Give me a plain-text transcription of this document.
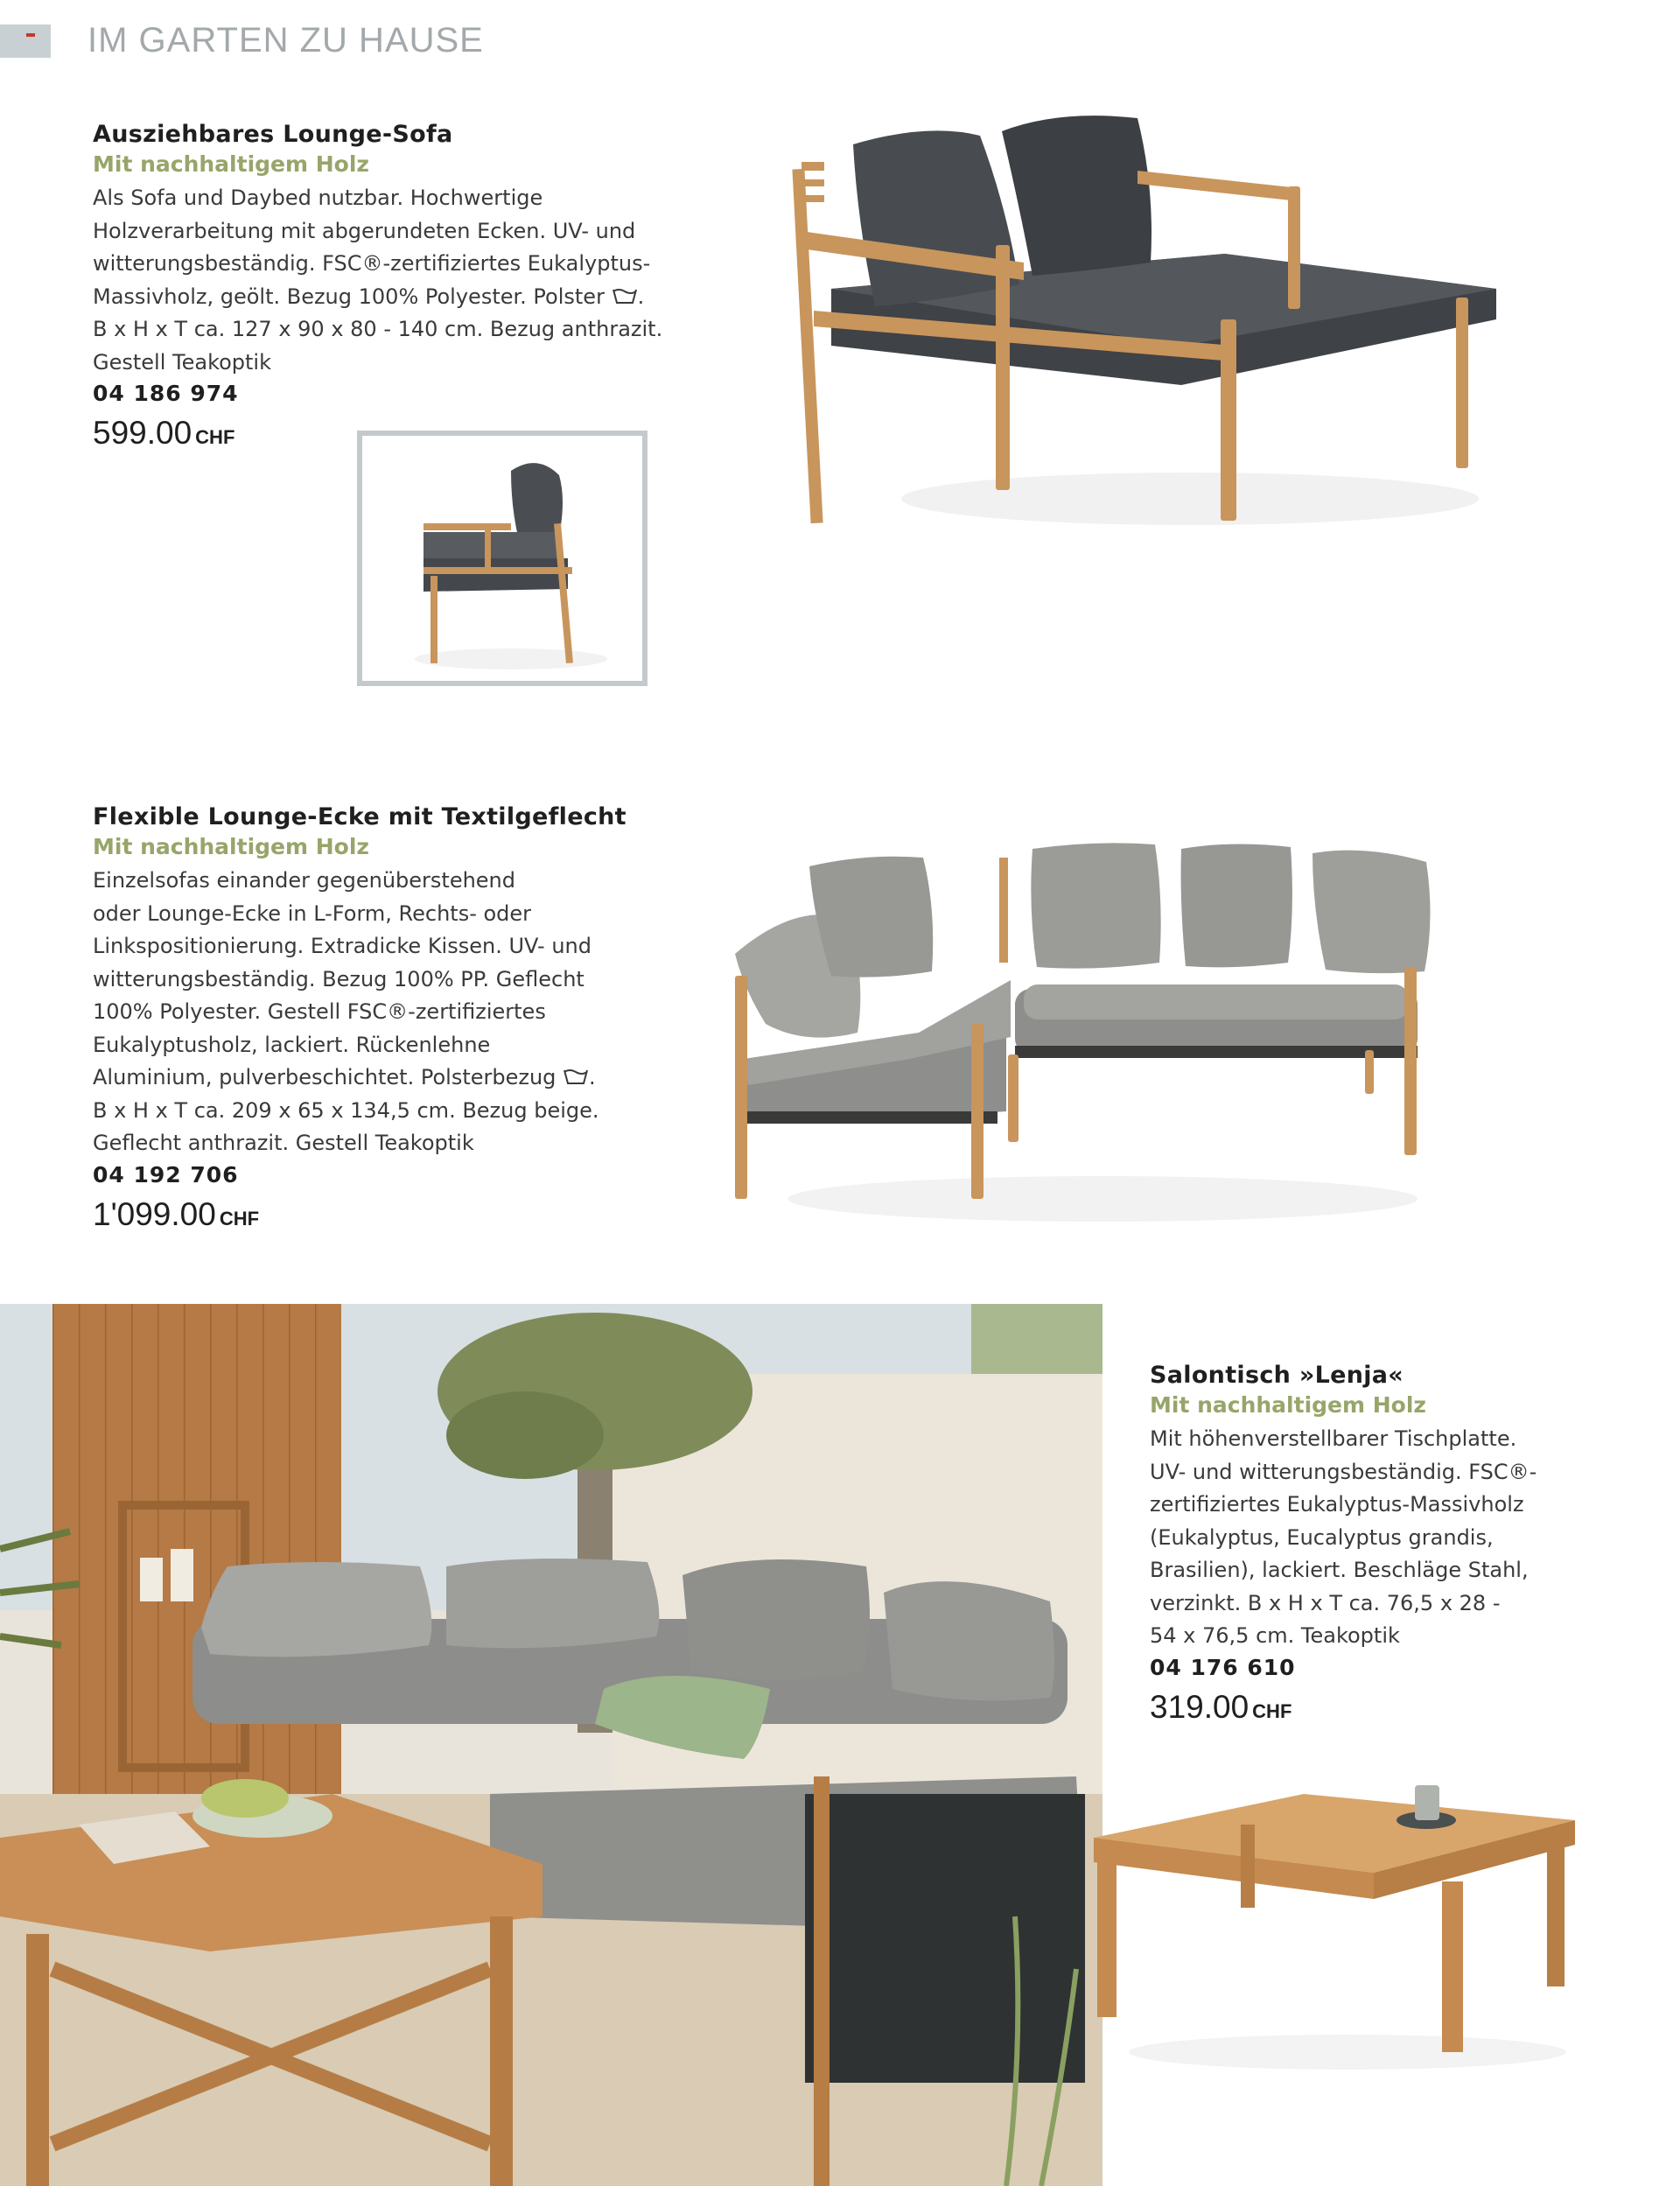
IM GARTEN ZU HAUSE
Ausziehbares Lounge-Sofa

Mit nachhaltigem Holz

Als Sofa und Daybed nutzbar. Hochwertige
Holzverarbeitung mit abgerundeten Ecken. UV- und
witterungsbeständig. FSC®-zertifiziertes Eukalyptus-
Massivholz, geölt. Bezug 100% Polyester. Polster .
B x H x T ca. 127 x 90 x 80 - 140 cm. Bezug anthrazit.
Gestell Teakoptik

04 186 974

599.00 CHF

Flexible Lounge-Ecke mit Textilgeflecht

Mit nachhaltigem Holz

Einzelsofas einander gegenüberstehend
oder Lounge-Ecke in L-Form, Rechts- oder
Linkspositionierung. Extradicke Kissen. UV- und
witterungsbeständig. Bezug 100% PP. Geflecht
100% Polyester. Gestell FSC®-zertifiziertes
Eukalyptusholz, lackiert. Rückenlehne
Aluminium, pulverbeschichtet. Polsterbezug .
B x H x T ca. 209 x 65 x 134,5 cm. Bezug beige.
Geflecht anthrazit. Gestell Teakoptik

04 192 706

1'099.00 CHF

Salontisch »Lenja«

Mit nachhaltigem Holz

Mit höhenverstellbarer Tischplatte.
UV- und witterungsbeständig. FSC®-
zertifiziertes Eukalyptus-Massivholz
(Eukalyptus, Eucalyptus grandis,
Brasilien), lackiert. Beschläge Stahl,
verzinkt. B x H x T ca. 76,5 x 28 -
54 x 76,5 cm. Teakoptik

04 176 610

319.00 CHF
